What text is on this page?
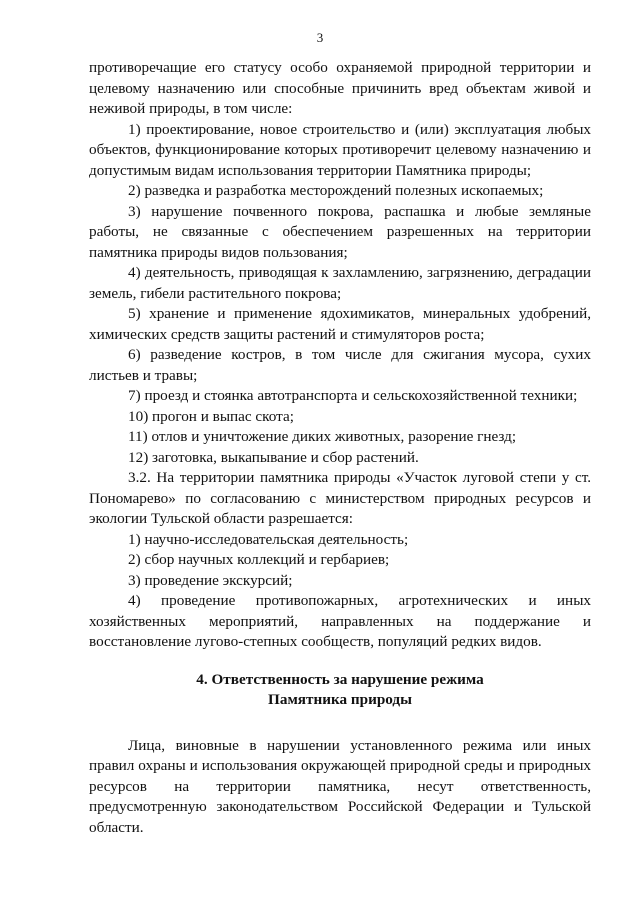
3

противоречащие его статусу особо охраняемой природной территории и целевому назначению или способные причинить вред объектам живой и неживой природы, в том числе:

1) проектирование, новое строительство и (или) эксплуатация любых объектов, функционирование которых противоречит целевому назначению и допустимым видам использования территории Памятника природы;

2) разведка и разработка месторождений полезных ископаемых;

3) нарушение почвенного покрова, распашка и любые земляные работы, не связанные с обеспечением разрешенных на территории памятника природы видов пользования;

4) деятельность, приводящая к захламлению, загрязнению, деградации земель, гибели растительного покрова;

5) хранение и применение ядохимикатов, минеральных удобрений, химических средств защиты растений и стимуляторов роста;

6) разведение костров, в том числе для сжигания мусора, сухих листьев и травы;

7) проезд и стоянка автотранспорта и сельскохозяйственной техники;

10) прогон и выпас скота;

11) отлов и уничтожение диких животных, разорение гнезд;

12) заготовка, выкапывание и сбор растений.

3.2. На территории памятника природы «Участок луговой степи у ст. Пономарево» по согласованию с министерством природных ресурсов и экологии Тульской области разрешается:

1) научно-исследовательская деятельность;

2) сбор научных коллекций и гербариев;

3) проведение экскурсий;

4) проведение противопожарных, агротехнических и иных хозяйственных мероприятий, направленных на поддержание и восстановление лугово-степных сообществ, популяций редких видов.

4. Ответственность за нарушение режима
Памятника природы

Лица, виновные в нарушении установленного режима или иных правил охраны и использования окружающей природной среды и природных ресурсов на территории памятника, несут ответственность, предусмотренную законодательством Российской Федерации и Тульской области.
